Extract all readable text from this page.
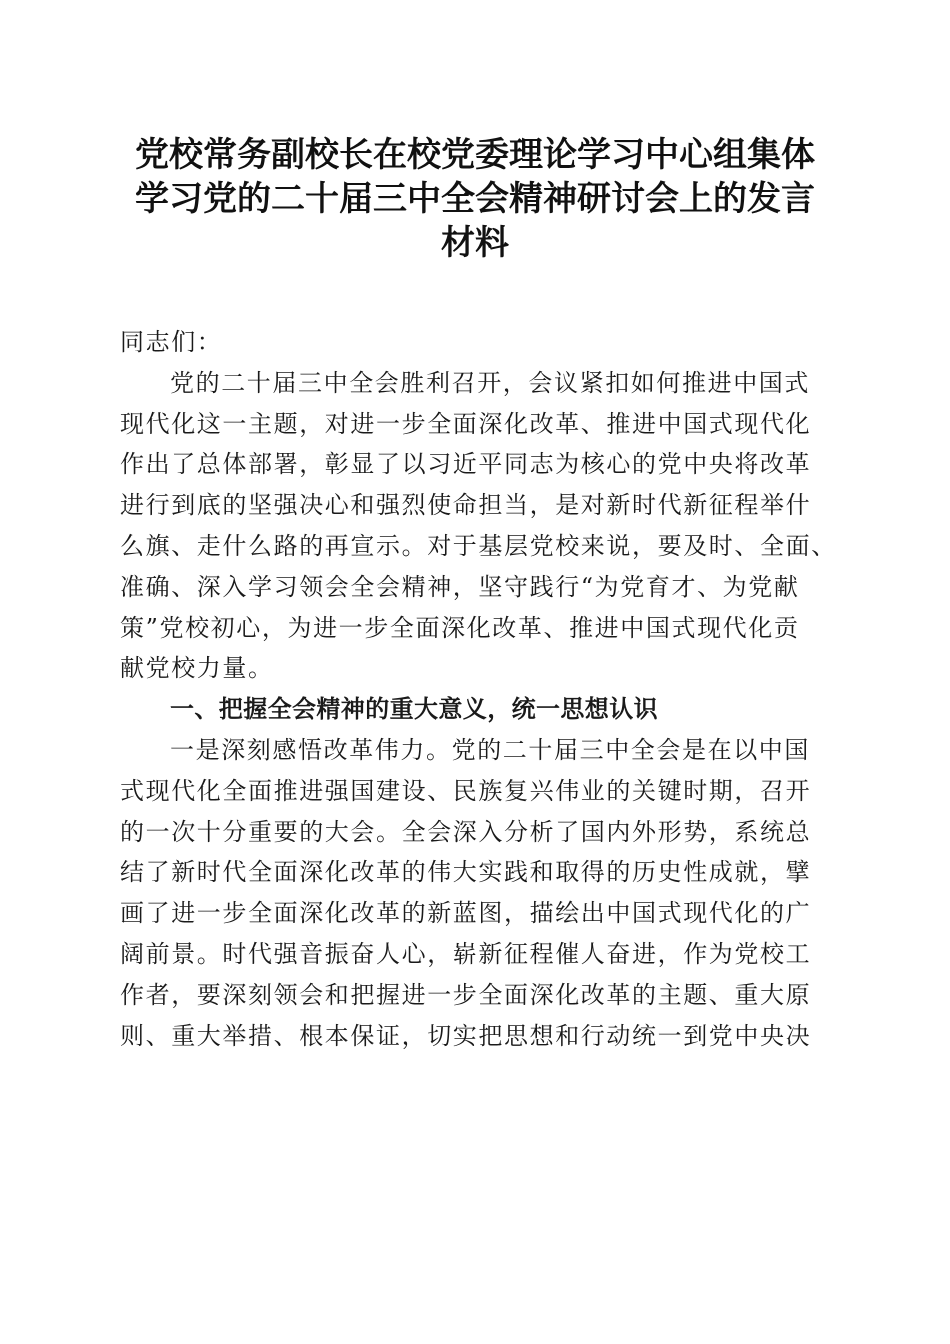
党校常务副校长在校党委理论学习中心组集体
学习党的二十届三中全会精神研讨会上的发言
材料
同志们：
党的二十届三中全会胜利召开，会议紧扣如何推进中国式
现代化这一主题，对进一步全面深化改革、推进中国式现代化
作出了总体部署，彰显了以习近平同志为核心的党中央将改革
进行到底的坚强决心和强烈使命担当，是对新时代新征程举什
么旗、走什么路的再宣示。对于基层党校来说，要及时、全面、
准确、深入学习领会全会精神，坚守践行“为党育才、为党献
策”党校初心，为进一步全面深化改革、推进中国式现代化贡
献党校力量。
一、把握全会精神的重大意义，统一思想认识
一是深刻感悟改革伟力。党的二十届三中全会是在以中国
式现代化全面推进强国建设、民族复兴伟业的关键时期，召开
的一次十分重要的大会。全会深入分析了国内外形势，系统总
结了新时代全面深化改革的伟大实践和取得的历史性成就，擘
画了进一步全面深化改革的新蓝图，描绘出中国式现代化的广
阔前景。时代强音振奋人心，崭新征程催人奋进，作为党校工
作者，要深刻领会和把握进一步全面深化改革的主题、重大原
则、重大举措、根本保证，切实把思想和行动统一到党中央决
